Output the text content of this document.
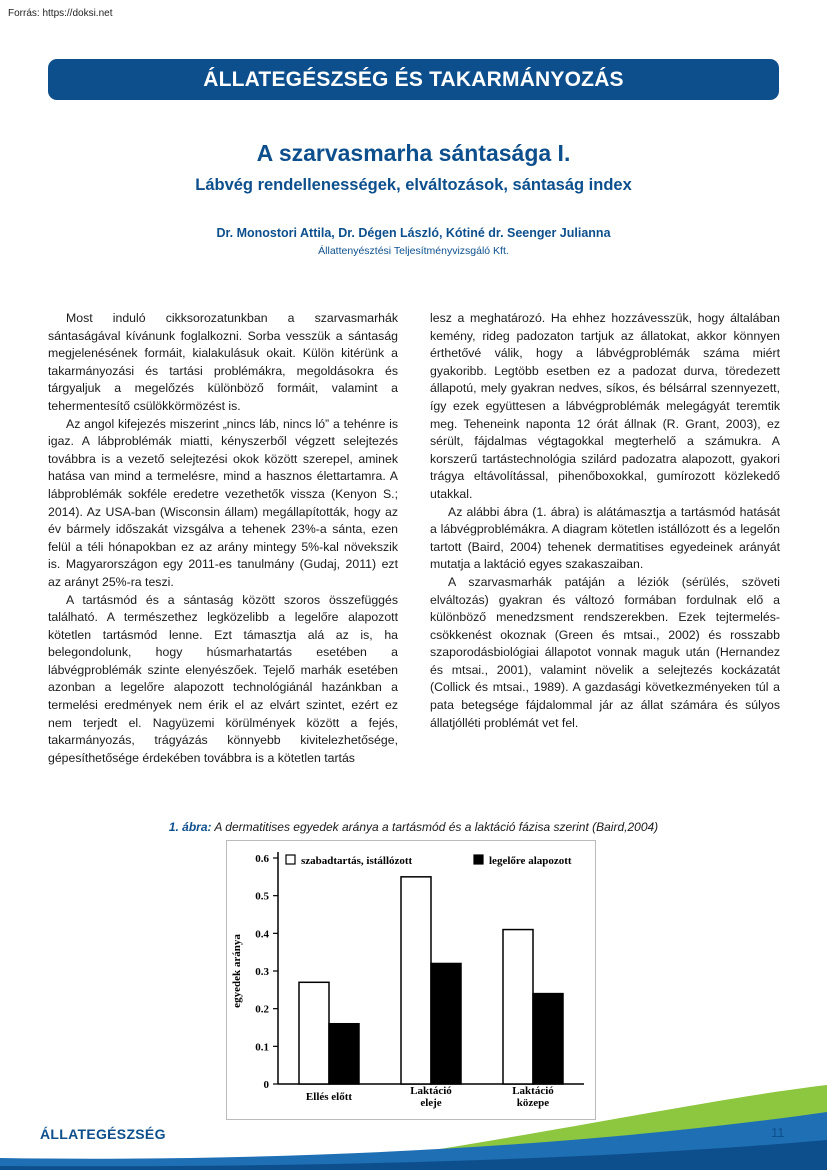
Forrás: https://doksi.net
ÁLLATEGÉSZSÉG ÉS TAKARMÁNYOZÁS
A szarvasmarha sántasága I.
Lábvég rendellenességek, elváltozások, sántaság index
Dr. Monostori Attila, Dr. Dégen László, Kótiné dr. Seenger Julianna
Állattenyésztési Teljesítményvizsgáló Kft.

Most induló cikksorozatunkban a szarvasmarhák sántaságával kívánunk foglalkozni. Sorba vesszük a sántaság megjelenésének formáit, kialakulásuk okait. Külön kitérünk a takarmányozási és tartási problémákra, megoldásokra és tárgyaljuk a megelőzés különböző formáit, valamint a tehermentesítő csülökkörmözést is.

Az angol kifejezés miszerint „nincs láb, nincs ló” a tehénre is igaz. A lábproblémák miatti, kényszerből végzett selejtezés továbbra is a vezető selejtezési okok között szerepel, aminek hatása van mind a termelésre, mind a hasznos élettartamra. A lábproblémák sokféle eredetre vezethetők vissza (Kenyon S.; 2014). Az USA-ban (Wisconsin állam) megállapították, hogy az év bármely időszakát vizsgálva a tehenek 23%-a sánta, ezen felül a téli hónapokban ez az arány mintegy 5%-kal növekszik is. Magyarországon egy 2011-es tanulmány (Gudaj, 2011) ezt az arányt 25%-ra teszi.

A tartásmód és a sántaság között szoros összefüggés található. A természethez legközelibb a legelőre alapozott kötetlen tartásmód lenne. Ezt támasztja alá az is, ha belegondolunk, hogy húsmarhatartás esetében a lábvégproblémák szinte elenyészőek. Tejelő marhák esetében azonban a legelőre alapozott technológiánál hazánkban a termelési eredmények nem érik el az elvárt szintet, ezért ez nem terjedt el. Nagyüzemi körülmények között a fejés, takarmányozás, trágyázás könnyebb kivitelezhetősége, gépesíthetősége érdekében továbbra is a kötetlen tartás

lesz a meghatározó. Ha ehhez hozzávesszük, hogy általában kemény, rideg padozaton tartjuk az állatokat, akkor könnyen érthetővé válik, hogy a lábvégproblémák száma miért gyakoribb. Legtöbb esetben ez a padozat durva, töredezett állapotú, mely gyakran nedves, síkos, és bélsárral szennyezett, így ezek együttesen a lábvégproblémák melegágyát teremtik meg. Teheneink naponta 12 órát állnak (R. Grant, 2003), ez sérült, fájdalmas végtagokkal megterhelő a számukra. A korszerű tartástechnológia szilárd padozatra alapozott, gyakori trágya eltávolítással, pihenőboxokkal, gumírozott közlekedő utakkal.

Az alábbi ábra (1. ábra) is alátámasztja a tartásmód hatását a lábvégproblémákra. A diagram kötetlen istállózott és a legelőn tartott (Baird, 2004) tehenek dermatitises egyedeinek arányát mutatja a laktáció egyes szakaszaiban.

A szarvasmarhák patáján a léziók (sérülés, szöveti elváltozás) gyakran és változó formában fordulnak elő a különböző menedzsment rendszerekben. Ezek tejtermelés-csökkenést okoznak (Green és mtsai., 2002) és rosszabb szaporodásbiológiai állapotot vonnak maguk után (Hernandez és mtsai., 2001), valamint növelik a selejtezés kockázatát (Collick és mtsai., 1989). A gazdasági következményeken túl a pata betegsége fájdalommal jár az állat számára és súlyos állatjólléti problémát vet fel.

1. ábra: A dermatitises egyedek aránya a tartásmód és a laktáció fázisa szerint (Baird,2004)
0
0.1
0.2
0.3
0.4
0.5
0.6
egyedek aránya
Ellés előtt	Laktáció
eleje
Laktáció
közepe
szabadtartás, istállózott	legelőre alapozott
ÁLLATEGÉSZSÉG	11
